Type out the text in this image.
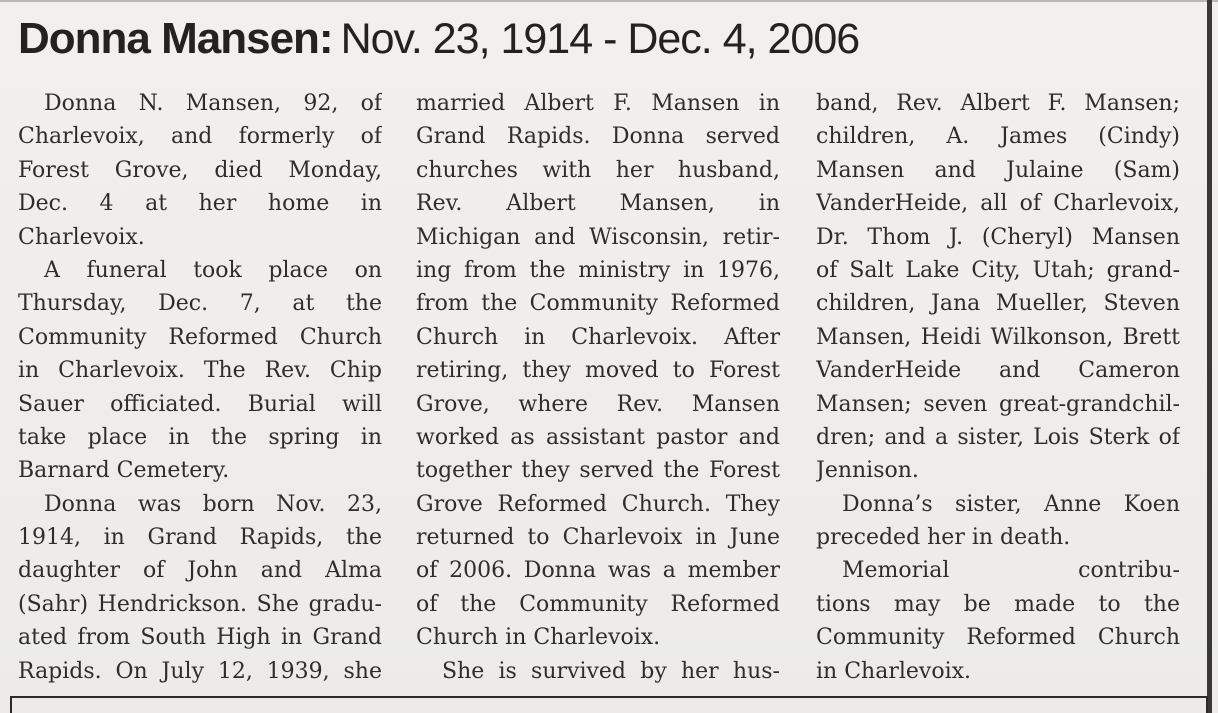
Donna Mansen: Nov. 23, 1914 - Dec. 4, 2006
Donna N. Mansen, 92, of
Charlevoix, and formerly of
Forest Grove, died Monday,
Dec. 4 at her home in
Charlevoix.
A funeral took place on
Thursday, Dec. 7, at the
Community Reformed Church
in Charlevoix. The Rev. Chip
Sauer officiated. Burial will
take place in the spring in
Barnard Cemetery.
Donna was born Nov. 23,
1914, in Grand Rapids, the
daughter of John and Alma
(Sahr) Hendrickson. She gradu-
ated from South High in Grand
Rapids. On July 12, 1939, she
married Albert F. Mansen in
Grand Rapids. Donna served
churches with her husband,
Rev. Albert Mansen, in
Michigan and Wisconsin, retir-
ing from the ministry in 1976,
from the Community Reformed
Church in Charlevoix. After
retiring, they moved to Forest
Grove, where Rev. Mansen
worked as assistant pastor and
together they served the Forest
Grove Reformed Church. They
returned to Charlevoix in June
of 2006. Donna was a member
of the Community Reformed
Church in Charlevoix.
She is survived by her hus-
band, Rev. Albert F. Mansen;
children, A. James (Cindy)
Mansen and Julaine (Sam)
VanderHeide, all of Charlevoix,
Dr. Thom J. (Cheryl) Mansen
of Salt Lake City, Utah; grand-
children, Jana Mueller, Steven
Mansen, Heidi Wilkonson, Brett
VanderHeide and Cameron
Mansen; seven great-grandchil-
dren; and a sister, Lois Sterk of
Jennison.
Donna’s sister, Anne Koen
preceded her in death.
Memorial contribu-
tions may be made to the
Community Reformed Church
in Charlevoix.
